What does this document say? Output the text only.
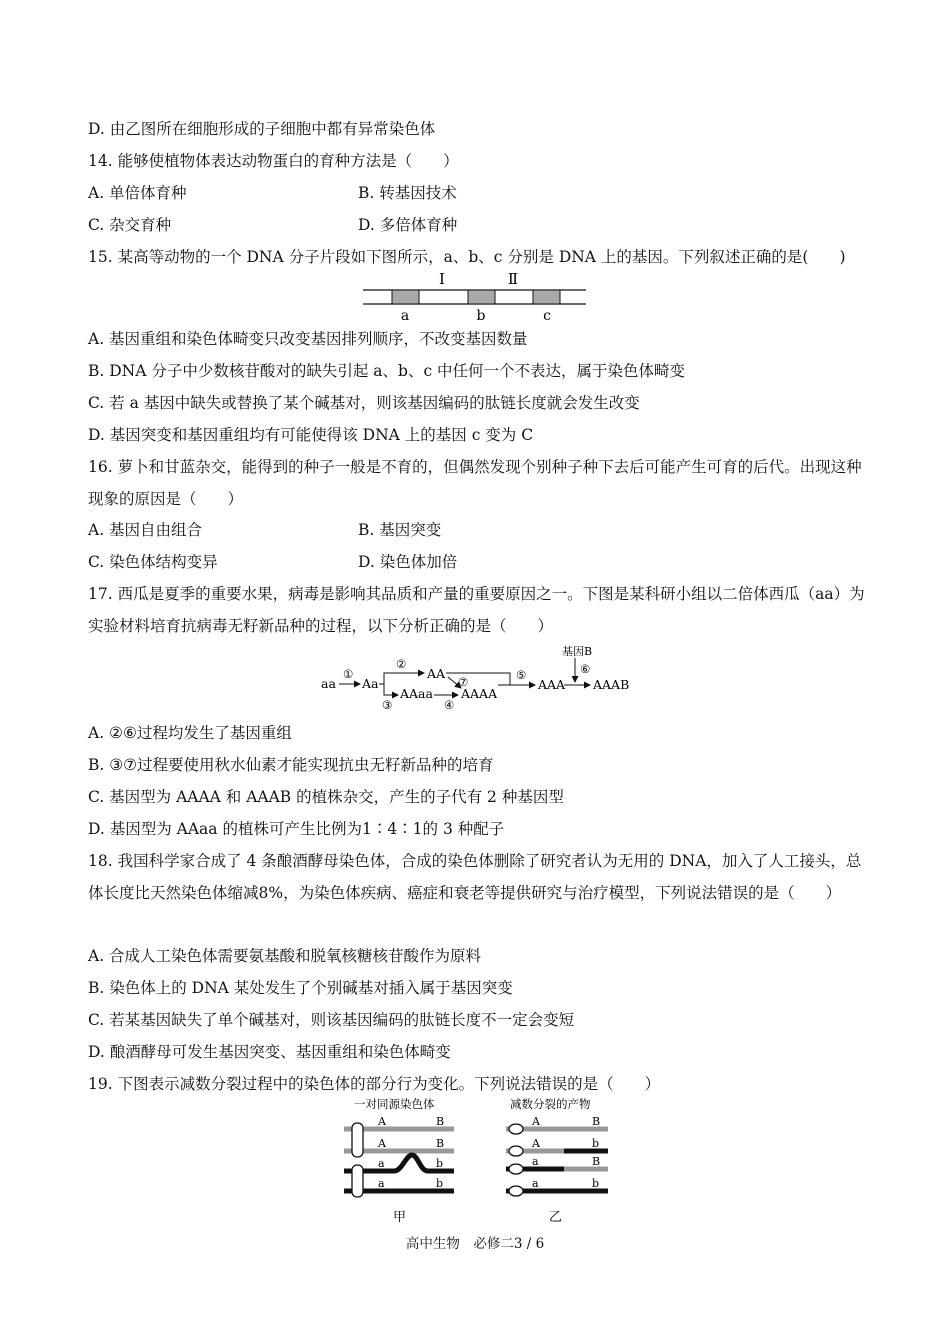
D. 由乙图所在细胞形成的子细胞中都有异常染色体
14. 能够使植物体表达动物蛋白的育种方法是（　　）
A. 单倍体育种	B. 转基因技术
C. 杂交育种	D. 多倍体育种
15. 某高等动物的一个 DNA 分子片段如下图所示，a、b、c 分别是 DNA 上的基因。下列叙述正确的是(　　)
Ⅰ	Ⅱ
a	b	c
A. 基因重组和染色体畸变只改变基因排列顺序，不改变基因数量
B. DNA 分子中少数核苷酸对的缺失引起 a、b、c 中任何一个不表达，属于染色体畸变
C. 若 a 基因中缺失或替换了某个碱基对，则该基因编码的肽链长度就会发生改变
D. 基因突变和基因重组均有可能使得该 DNA 上的基因 c 变为 C
16. 萝卜和甘蓝杂交，能得到的种子一般是不育的，但偶然发现个别种子种下去后可能产生可育的后代。出现这种现象的原因是（　　）
A. 基因自由组合	B. 基因突变
C. 染色体结构变异	D. 染色体加倍
17. 西瓜是夏季的重要水果，病毒是影响其品质和产量的重要原因之一。下图是某科研小组以二倍体西瓜（aa）为实验材料培育抗病毒无籽新品种的过程，以下分析正确的是（　　）
aa
①
Aa
②
AA
③
AAaa
④
⑦
AAAA
⑤
AAA
基因B
⑥
AAAB
A. ②⑥过程均发生了基因重组
B. ③⑦过程要使用秋水仙素才能实现抗虫无籽新品种的培育
C. 基因型为 AAAA 和 AAAB 的植株杂交，产生的子代有 2 种基因型
D. 基因型为 AAaa 的植株可产生比例为1∶4∶1的 3 种配子
18. 我国科学家合成了 4 条酿酒酵母染色体，合成的染色体删除了研究者认为无用的 DNA，加入了人工接头，总体长度比天然染色体缩减8%，为染色体疾病、癌症和衰老等提供研究与治疗模型，下列说法错误的是（　　）
A. 合成人工染色体需要氨基酸和脱氧核糖核苷酸作为原料
B. 染色体上的 DNA 某处发生了个别碱基对插入属于基因突变
C. 若某基因缺失了单个碱基对，则该基因编码的肽链长度不一定会变短
D. 酿酒酵母可发生基因突变、基因重组和染色体畸变
19. 下图表示减数分裂过程中的染色体的部分行为变化。下列说法错误的是（　　）
一对同源染色体	减数分裂的产物
A	B
A	B
a	b
a	b
A	B
A	b
a	B
a	b
甲	乙
高中生物　必修二3 / 6
